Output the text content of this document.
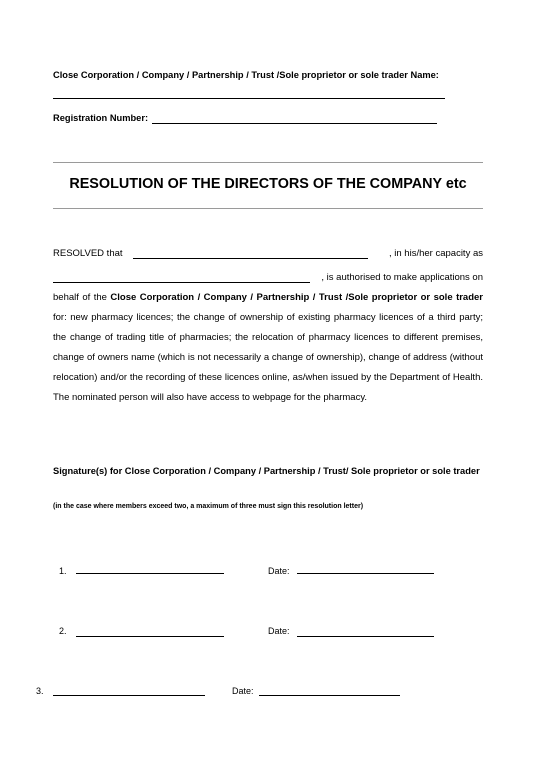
Close Corporation / Company / Partnership / Trust /Sole proprietor or sole trader Name:
Registration Number:
RESOLUTION OF THE DIRECTORS OF THE COMPANY etc
RESOLVED that	, in his/her capacity as
, is authorised to make applications on
behalf of the Close Corporation / Company / Partnership / Trust /Sole proprietor or sole trader for: new pharmacy licences; the change of ownership of existing pharmacy licences of a third party; the change of trading title of pharmacies; the relocation of pharmacy licences to different premises, change of owners name (which is not necessarily a change of ownership), change of address (without relocation) and/or the recording of these licences online, as/when issued by the Department of Health. The nominated person will also have access to webpage for the pharmacy.
Signature(s) for Close Corporation / Company / Partnership / Trust/ Sole proprietor or sole trader
(in the case where members exceed two, a maximum of three must sign this resolution letter)
1.	Date:
2.	Date:
3.	Date:
